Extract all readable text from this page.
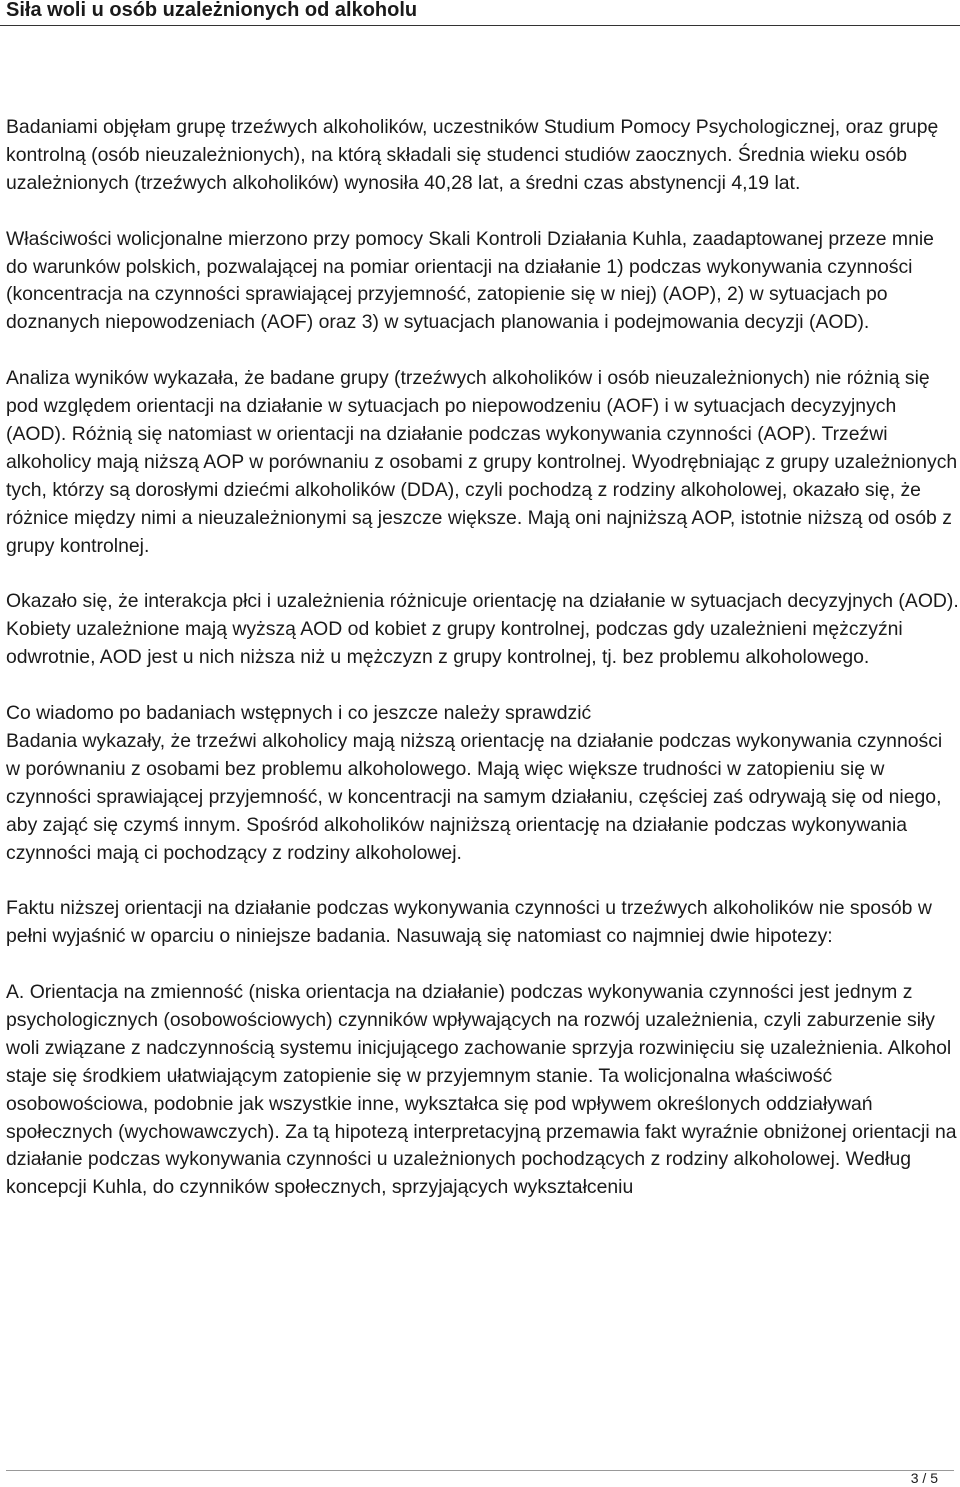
Siła woli u osób uzależnionych od alkoholu

Badaniami objęłam grupę trzeźwych alkoholików, uczestników Studium Pomocy Psychologicznej, oraz grupę kontrolną (osób nieuzależnionych), na którą składali się studenci studiów zaocznych. Średnia wieku osób uzależnionych (trzeźwych alkoholików) wynosiła 40,28 lat, a średni czas abstynencji 4,19 lat.

Właściwości wolicjonalne mierzono przy pomocy Skali Kontroli Działania Kuhla, zaadaptowanej przeze mnie do warunków polskich, pozwalającej na pomiar orientacji na działanie 1) podczas wykonywania czynności (koncentracja na czynności sprawiającej przyjemność, zatopienie się w niej) (AOP), 2) w sytuacjach po doznanych niepowodzeniach (AOF) oraz 3) w sytuacjach planowania i podejmowania decyzji (AOD).

Analiza wyników wykazała, że badane grupy (trzeźwych alkoholików i osób nieuzależnionych) nie różnią się pod względem orientacji na działanie w sytuacjach po niepowodzeniu (AOF) i w sytuacjach decyzyjnych (AOD). Różnią się natomiast w orientacji na działanie podczas wykonywania czynności (AOP). Trzeźwi alkoholicy mają niższą AOP w porównaniu z osobami z grupy kontrolnej. Wyodrębniając z grupy uzależnionych tych, którzy są dorosłymi dziećmi alkoholików (DDA), czyli pochodzą z rodziny alkoholowej, okazało się, że różnice między nimi a nieuzależnionymi są jeszcze większe. Mają oni najniższą AOP, istotnie niższą od osób z grupy kontrolnej.

Okazało się, że interakcja płci i uzależnienia różnicuje orientację na działanie w sytuacjach decyzyjnych (AOD). Kobiety uzależnione mają wyższą AOD od kobiet z grupy kontrolnej, podczas gdy uzależnieni mężczyźni odwrotnie, AOD jest u nich niższa niż u mężczyzn z grupy kontrolnej, tj. bez problemu alkoholowego.

Co wiadomo po badaniach wstępnych i co jeszcze należy sprawdzić
Badania wykazały, że trzeźwi alkoholicy mają niższą orientację na działanie podczas wykonywania czynności w porównaniu z osobami bez problemu alkoholowego. Mają więc większe trudności w zatopieniu się w czynności sprawiającej przyjemność, w koncentracji na samym działaniu, częściej zaś odrywają się od niego, aby zająć się czymś innym. Spośród alkoholików najniższą orientację na działanie podczas wykonywania czynności mają ci pochodzący z rodziny alkoholowej.

Faktu niższej orientacji na działanie podczas wykonywania czynności u trzeźwych alkoholików nie sposób w pełni wyjaśnić w oparciu o niniejsze badania. Nasuwają się natomiast co najmniej dwie hipotezy:

A. Orientacja na zmienność (niska orientacja na działanie) podczas wykonywania czynności jest jednym z psychologicznych (osobowościowych) czynników wpływających na rozwój uzależnienia, czyli zaburzenie siły woli związane z nadczynnością systemu inicjującego zachowanie sprzyja rozwinięciu się uzależnienia. Alkohol staje się środkiem ułatwiającym zatopienie się w przyjemnym stanie. Ta wolicjonalna właściwość osobowościowa, podobnie jak wszystkie inne, wykształca się pod wpływem określonych oddziaływań społecznych (wychowawczych). Za tą hipotezą interpretacyjną przemawia fakt wyraźnie obniżonej orientacji na działanie podczas wykonywania czynności u uzależnionych pochodzących z rodziny alkoholowej. Według koncepcji Kuhla, do czynników społecznych, sprzyjających wykształceniu

3 / 5
